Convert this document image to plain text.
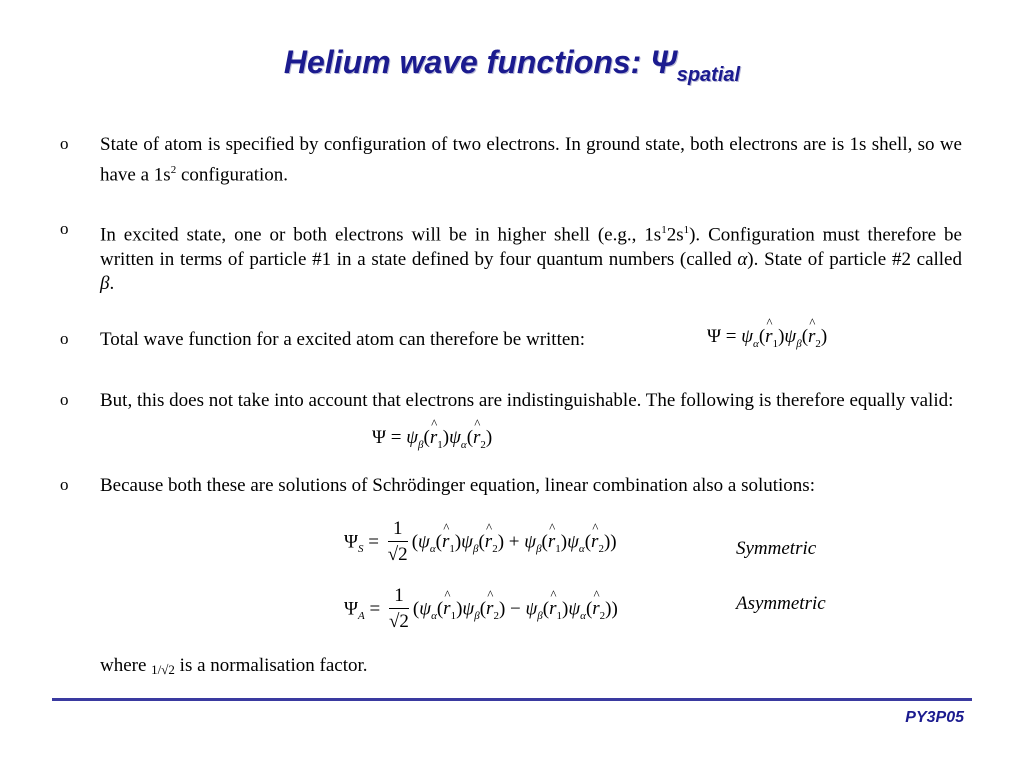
Helium wave functions: $\Psi_{spatial}$
o State of atom is specified by configuration of two electrons. In ground state, both electrons are is 1s shell, so we have a $1s^2$ configuration.
o In excited state, one or both electrons will be in higher shell (e.g., $1s^12s^1$). Configuration must therefore be written in terms of particle #1 in a state defined by four quantum numbers (called α). State of particle #2 called β.
o Total wave function for a excited atom can therefore be written:	$\Psi = \psi_\alpha(\^{}$ $r_1)\psi_\beta(\^{}$ $r_2$)
o But, this does not take into account that electrons are indistinguishable. The following is therefore equally valid:
$\Psi = \psi_\beta(\^{}$ $r_1)\psi_\alpha(\^{}$ $r_2$)
o Because both these are solutions of Schrödinger equation, linear combination also a solutions:
$\Psi_S = \frac{1}{√2}$ ($\psi_\alpha(\^{}$ $r_1)\psi_\beta(\^{}$ $r_2$) + $\psi_\beta(\^{}$ $r_1)\psi_\alpha(\^{}$ $r_2$))	Symmetric
$\Psi_A = \frac{1}{√2}$ ($\psi_\alpha(\^{}$ $r_1)\psi_\beta(\^{}$ $r_2$) − $\psi_\beta(\^{}$ $r_1)\psi_\alpha(\^{}$ $r_2$))	Asymmetric
where 1/√2 is a normalisation factor.
PY3P05
